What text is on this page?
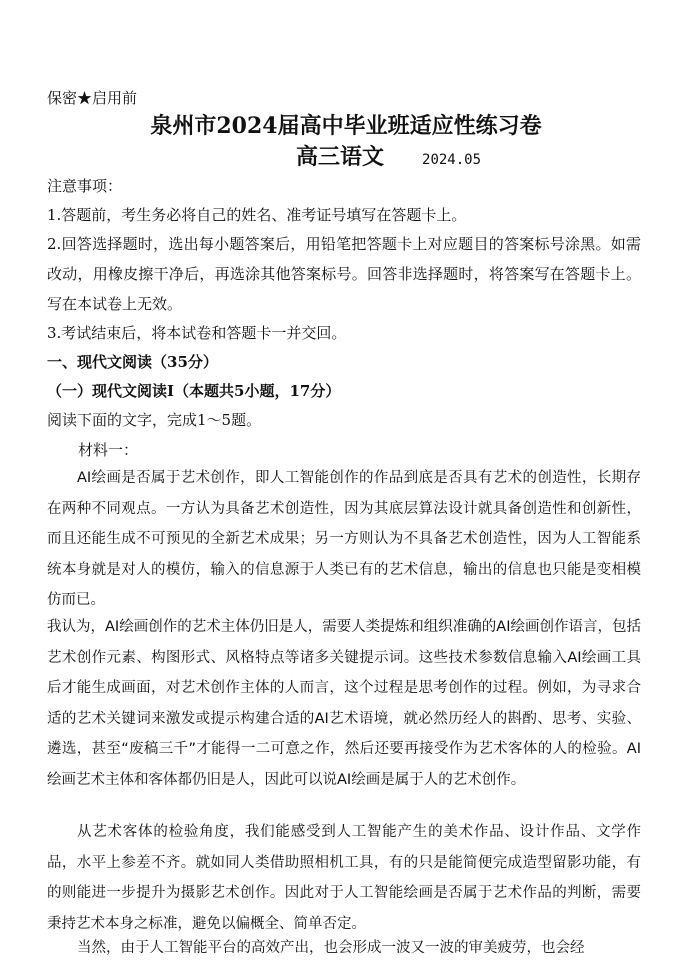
保密★启用前
泉州市2024届高中毕业班适应性练习卷
高三语文	2024.05
注意事项：
1.答题前，考生务必将自己的姓名、准考证号填写在答题卡上。
2.回答选择题时，选出每小题答案后，用铅笔把答题卡上对应题目的答案标号涂黑。如需改动，用橡皮擦干净后，再选涂其他答案标号。回答非选择题时，将答案写在答题卡上。写在本试卷上无效。
3.考试结束后，将本试卷和答题卡一并交回。
一、现代文阅读（35分）
（一）现代文阅读Ⅰ（本题共5小题，17分）
阅读下面的文字，完成1～5题。
材料一：
AI绘画是否属于艺术创作，即人工智能创作的作品到底是否具有艺术的创造性，长期存在两种不同观点。一方认为具备艺术创造性，因为其底层算法设计就具备创造性和创新性，而且还能生成不可预见的全新艺术成果；另一方则认为不具备艺术创造性，因为人工智能系统本身就是对人的模仿，输入的信息源于人类已有的艺术信息，输出的信息也只能是变相模仿而已。
我认为，AI绘画创作的艺术主体仍旧是人，需要人类提炼和组织准确的AI绘画创作语言，包括艺术创作元素、构图形式、风格特点等诸多关键提示词。这些技术参数信息输入AI绘画工具后才能生成画面，对艺术创作主体的人而言，这个过程是思考创作的过程。例如，为寻求合适的艺术关键词来激发或提示构建合适的AI艺术语境，就必然历经人的斟酌、思考、实验、遴选，甚至“废稿三千”才能得一二可意之作，然后还要再接受作为艺术客体的人的检验。AI绘画艺术主体和客体都仍旧是人，因此可以说AI绘画是属于人的艺术创作。
从艺术客体的检验角度，我们能感受到人工智能产生的美术作品、设计作品、文学作品，水平上参差不齐。就如同人类借助照相机工具，有的只是能简便完成造型留影功能，有的则能进一步提升为摄影艺术创作。因此对于人工智能绘画是否属于艺术作品的判断，需要秉持艺术本身之标准，避免以偏概全、简单否定。
当然，由于人工智能平台的高效产出，也会形成一波又一波的审美疲劳，也会经
